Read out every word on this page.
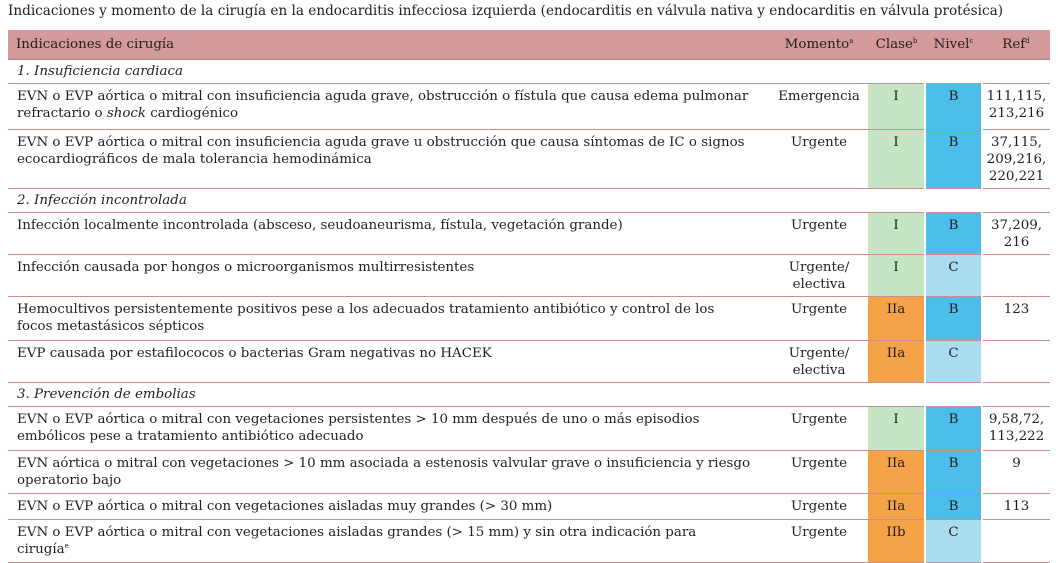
Indicaciones y momento de la cirugía en la endocarditis infecciosa izquierda (endocarditis en válvula nativa y endocarditis en válvula protésica)
Indicaciones de cirugía	Momento$^a$	Clase$^b$	Nivel$^c$	Ref$^d$
1. Insuficiencia cardiaca				
EVN o EVP aórtica o mitral con insuficiencia aguda grave, obstrucción o fístula que causa edema pulmonar refractario o shock cardiogénico	Emergencia	I	B	111,115, 213,216
EVN o EVP aórtica o mitral con insuficiencia aguda grave u obstrucción que causa síntomas de IC o signos ecocardiográficos de mala tolerancia hemodinámica	Urgente	I	B	37,115, 209,216, 220,221
2. Infección incontrolada				
Infección localmente incontrolada (absceso, seudoaneurisma, fístula, vegetación grande)	Urgente	I	B	37,209, 216
Infección causada por hongos o microorganismos multirresistentes	Urgente/ electiva	I	C	
Hemocultivos persistentemente positivos pese a los adecuados tratamiento antibiótico y control de los focos metastásicos sépticos	Urgente	IIa	B	123
EVP causada por estafilococos o bacterias Gram negativas no HACEK	Urgente/ electiva	IIa	C	
3. Prevención de embolias				
EVN o EVP aórtica o mitral con vegetaciones persistentes > 10 mm después de uno o más episodios embólicos pese a tratamiento antibiótico adecuado	Urgente	I	B	9,58,72, 113,222
EVN aórtica o mitral con vegetaciones > 10 mm asociada a estenosis valvular grave o insuficiencia y riesgo operatorio bajo	Urgente	IIa	B	9
EVN o EVP aórtica o mitral con vegetaciones aisladas muy grandes (> 30 mm)	Urgente	IIa	B	113
EVN o EVP aórtica o mitral con vegetaciones aisladas grandes (> 15 mm) y sin otra indicación para cirugía$^e$	Urgente	IIb	C	
